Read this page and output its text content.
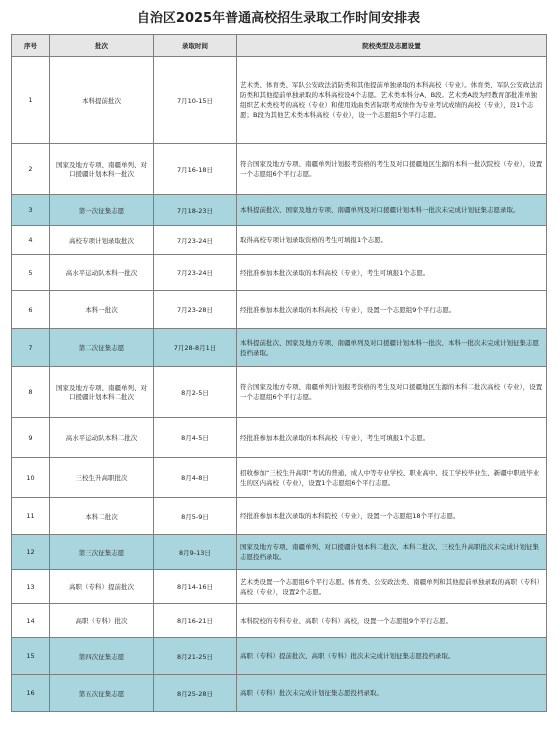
自治区2025年普通高校招生录取工作时间安排表
序号	批次	录取时间	院校类型及志愿设置
1	本科提前批次	7月10-15日	艺术类、体育类、军队公安政法消防类和其他提前单独录取的本科高校（专业）。体育类、军队公安政法消防类和其他提前单独录取的本科高校设4个志愿。艺术类本科分A、B段。艺术类A段为经教育部批准单独组织艺术类校考的高校（专业）和使用戏曲类省际联考成绩作为专业考试成绩的高校（专业），设1个志愿；B段为其他艺术类本科高校（专业），设一个志愿组5个平行志愿。
2	国家及地方专项、南疆单列、对口援疆计划本科一批次	7月16-18日	符合国家及地方专项、南疆单列计划报考资格的考生及对口援疆地区生源的本科一批次院校（专业），设置一个志愿组6个平行志愿。
3	第一次征集志愿	7月18-23日	本科提前批次、国家及地方专项、南疆单列及对口援疆计划本科一批次未完成计划征集志愿录取。
4	高校专项计划录取批次	7月23-24日	取得高校专项计划录取资格的考生可填报1个志愿。
5	高水平运动队本科一批次	7月23-24日	经批准参加本批次录取的本科高校（专业），考生可填报1个志愿。
6	本科一批次	7月23-28日	经批准参加本批次录取的本科高校（专业），设置一个志愿组9个平行志愿。
7	第二次征集志愿	7月28-8月1日	本科提前批次、国家及地方专项、南疆单列及对口援疆计划本科一批次、本科一批次未完成计划征集志愿投档录取。
8	国家及地方专项、南疆单列、对口援疆计划本科二批次	8月2-5日	符合国家及地方专项、南疆单列计划报考资格的考生及对口援疆地区生源的本科二批次高校（专业），设置一个志愿组6个平行志愿。
9	高水平运动队本科二批次	8月4-5日	经批准参加本批次录取的本科高校（专业），考生可填报1个志愿。
10	三校生升高职批次	8月4-8日	招收参加“三校生升高职”考试的普通、成人中等专业学校、职业高中、技工学校毕业生、新疆中职班毕业生的区内高校（专业），设置1个志愿组6个平行志愿。
11	本科二批次	8月5-9日	经批准参加本批次录取的本科院校（专业），设置一个志愿组18个平行志愿。
12	第三次征集志愿	8月9-13日	国家及地方专项、南疆单列、对口援疆计划本科二批次、本科二批次、三校生升高职批次未完成计划征集志愿投档录取。
13	高职（专科）提前批次	8月14-16日	艺术类设置一个志愿组6个平行志愿。体育类、公安政法类、南疆单列和其他提前单独录取的高职（专科）高校（专业），设置2个志愿。
14	高职（专科）批次	8月16-21日	本科院校的专科专业、高职（专科）高校，设置一个志愿组9个平行志愿。
15	第四次征集志愿	8月21-25日	高职（专科）提前批次、高职（专科）批次未完成计划征集志愿投档录取。
16	第五次征集志愿	8月25-28日	高职（专科）批次未完成计划征集志愿投档录取。
